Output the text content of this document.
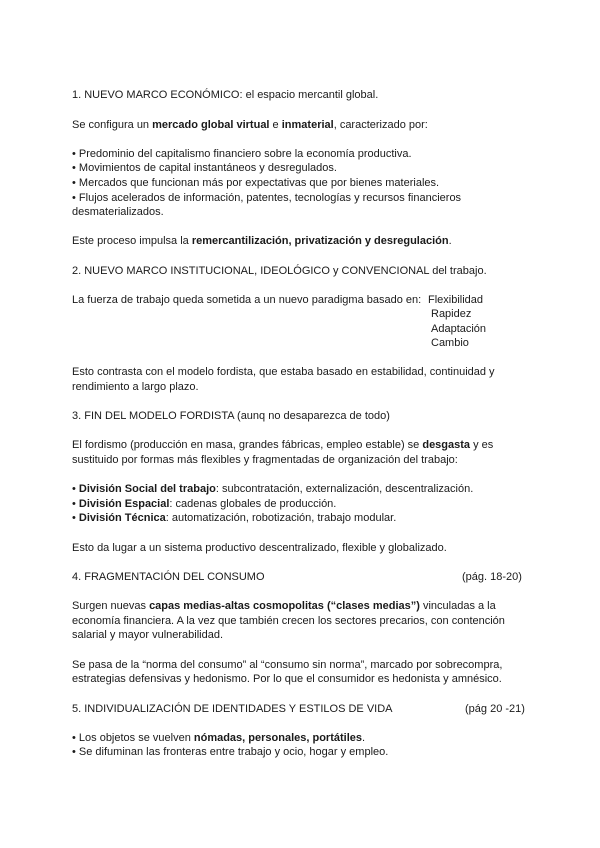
1. NUEVO MARCO ECONÓMICO: el espacio mercantil global.
Se configura un mercado global virtual e inmaterial, caracterizado por:
• Predominio del capitalismo financiero sobre la economía productiva.
• Movimientos de capital instantáneos y desregulados.
• Mercados que funcionan más por expectativas que por bienes materiales.
• Flujos acelerados de información, patentes, tecnologías y recursos financieros
desmaterializados.
Este proceso impulsa la remercantilización, privatización y desregulación.
2. NUEVO MARCO INSTITUCIONAL, IDEOLÓGICO y CONVENCIONAL del trabajo.
La fuerza de trabajo queda sometida a un nuevo paradigma basado en: Flexibilidad
Rapidez
Adaptación
Cambio
Esto contrasta con el modelo fordista, que estaba basado en estabilidad, continuidad y
rendimiento a largo plazo.
3. FIN DEL MODELO FORDISTA (aunq no desaparezca de todo)
El fordismo (producción en masa, grandes fábricas, empleo estable) se desgasta y es
sustituido por formas más flexibles y fragmentadas de organización del trabajo:
• División Social del trabajo: subcontratación, externalización, descentralización.
• División Espacial: cadenas globales de producción.
• División Técnica: automatización, robotización, trabajo modular.
Esto da lugar a un sistema productivo descentralizado, flexible y globalizado.
4. FRAGMENTACIÓN DEL CONSUMO	(pág. 18-20)
Surgen nuevas capas medias-altas cosmopolitas (“clases medias”) vinculadas a la
economía financiera. A la vez que también crecen los sectores precarios, con contención
salarial y mayor vulnerabilidad.
Se pasa de la “norma del consumo” al “consumo sin norma”, marcado por sobrecompra,
estrategias defensivas y hedonismo. Por lo que el consumidor es hedonista y amnésico.
5. INDIVIDUALIZACIÓN DE IDENTIDADES Y ESTILOS DE VIDA	(pág 20 -21)
• Los objetos se vuelven nómadas, personales, portátiles.
• Se difuminan las fronteras entre trabajo y ocio, hogar y empleo.
